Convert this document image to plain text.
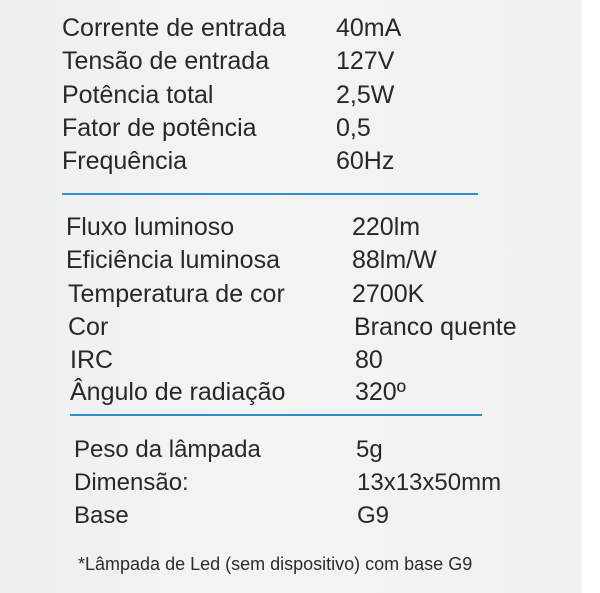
Corrente de entrada 40mA
Tensão de entrada	127V
Potência total	2,5W
Fator de potência	0,5
Frequência	60Hz
Fluxo luminoso	220lm
Eficiência luminosa	88lm/W
Temperatura de cor	2700K
Cor	Branco quente
IRC	80
Ângulo de radiação	320º
Peso da lâmpada	5g
Dimensão:	13x13x50mm
Base	G9
*Lâmpada de Led (sem dispositivo) com base G9
